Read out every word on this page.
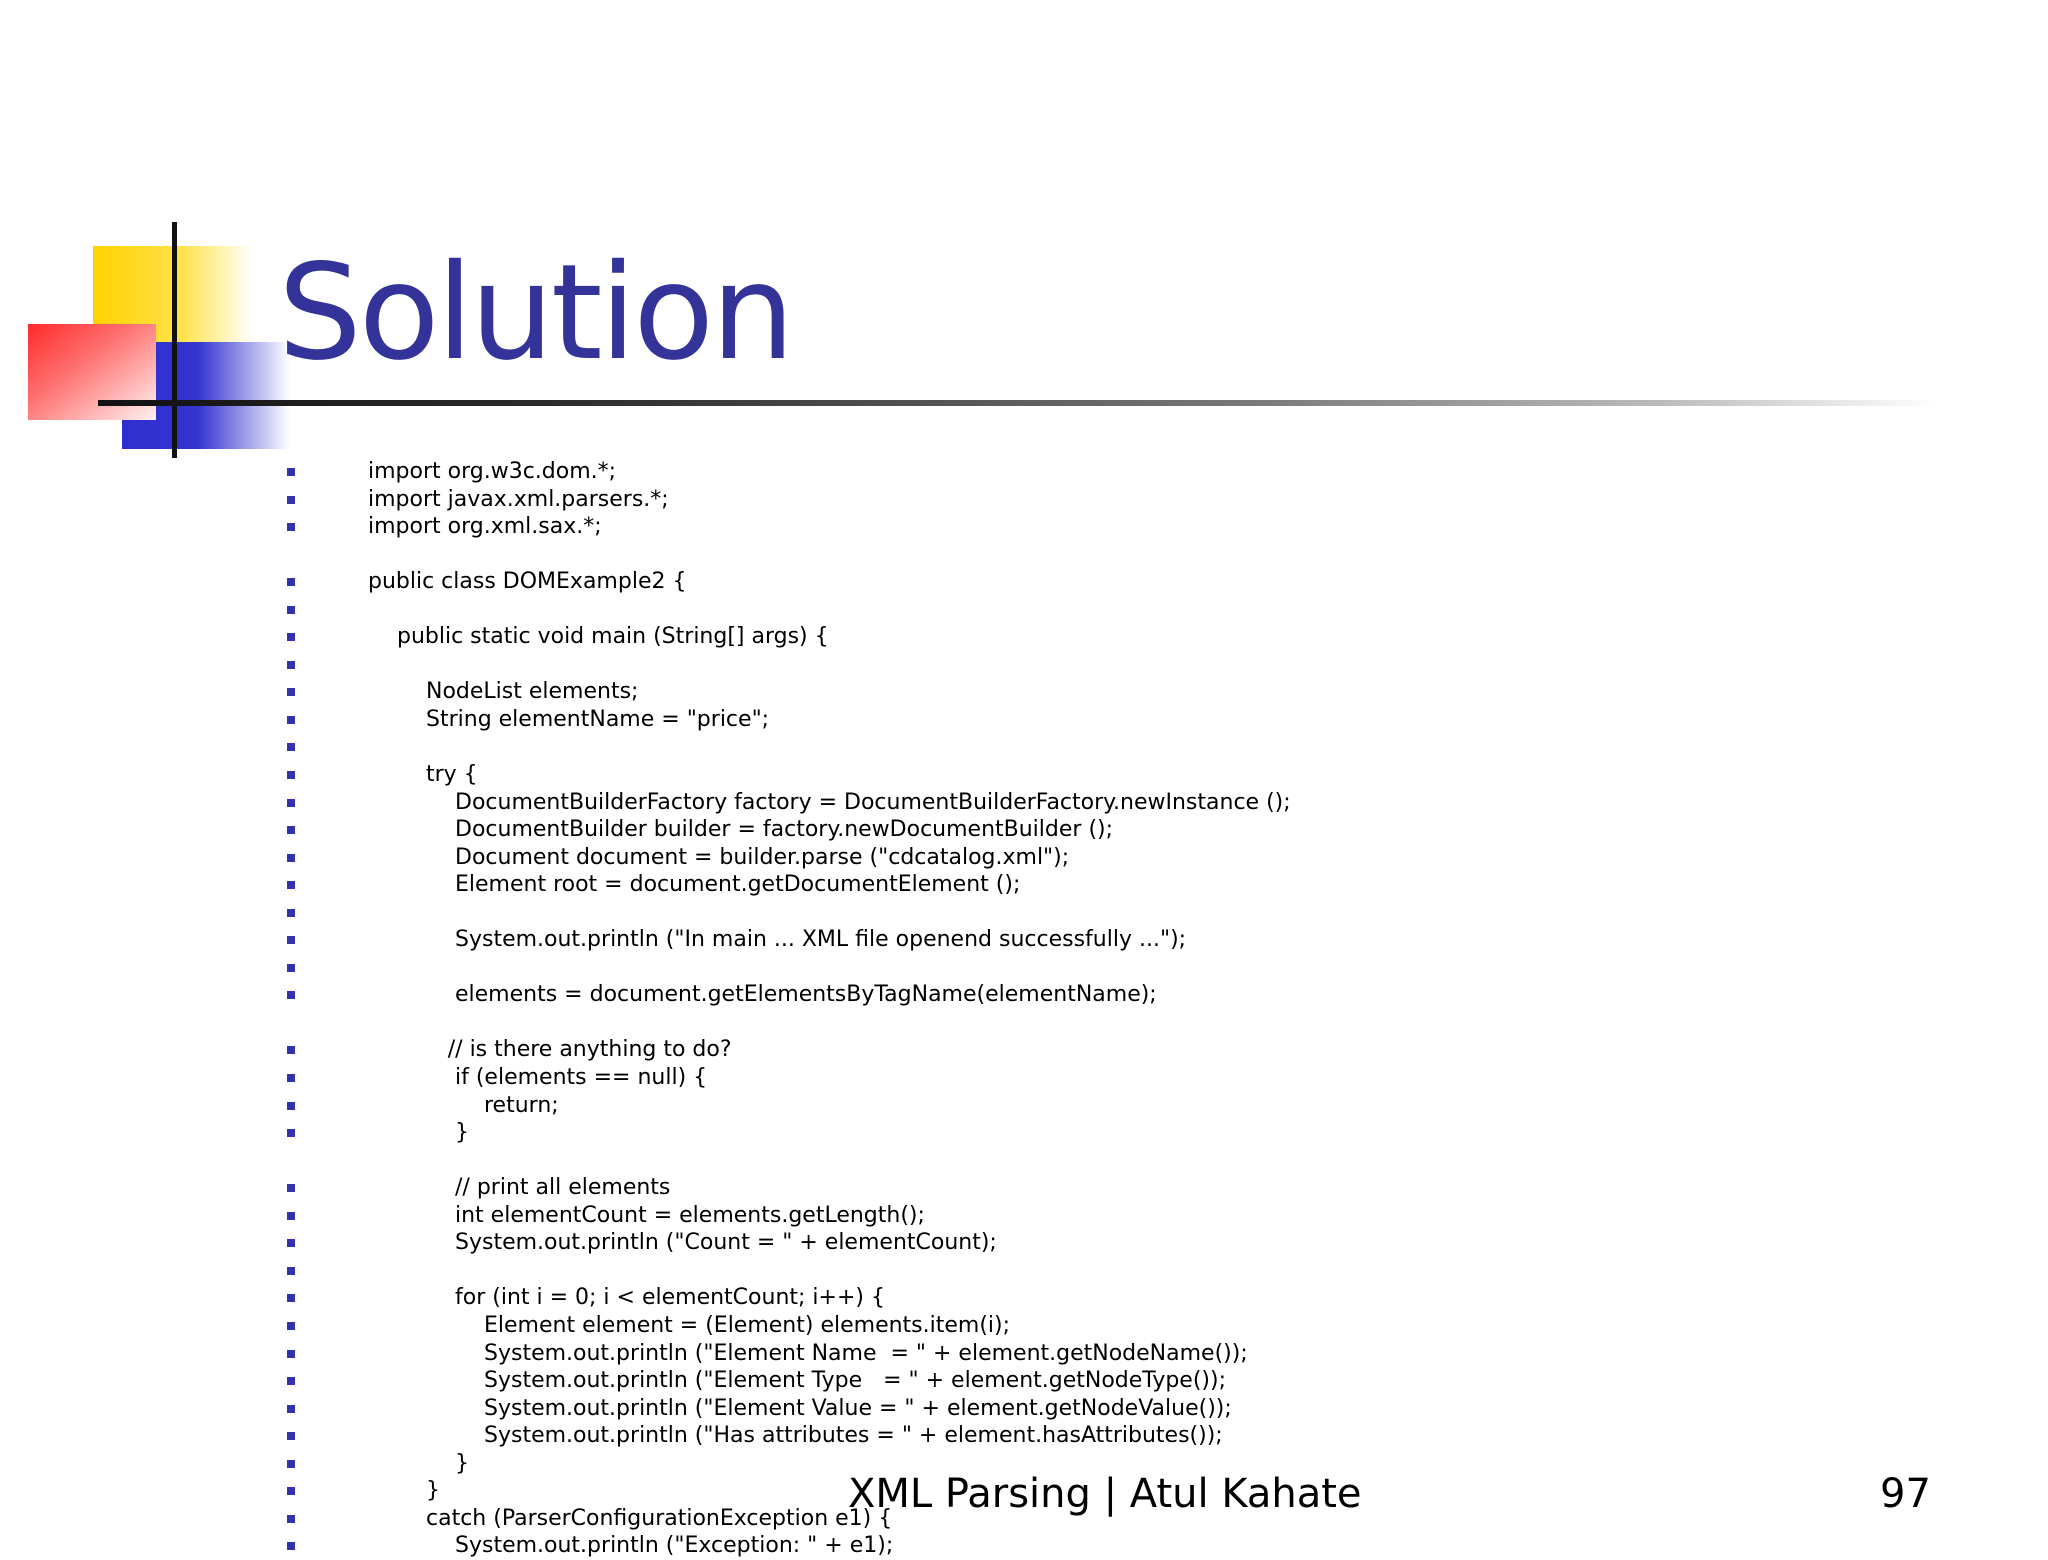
Solution
import org.w3c.dom.*;
import javax.xml.parsers.*;
import org.xml.sax.*;
public class DOMExample2 {
public static void main (String[] args) {
NodeList elements;
String elementName = "price";
try {
DocumentBuilderFactory factory = DocumentBuilderFactory.newInstance ();
DocumentBuilder builder = factory.newDocumentBuilder ();
Document document = builder.parse ("cdcatalog.xml");
Element root = document.getDocumentElement ();
System.out.println ("In main ... XML file openend successfully ...");
elements = document.getElementsByTagName(elementName);
// is there anything to do?
if (elements == null) {
return;
}
// print all elements
int elementCount = elements.getLength();
System.out.println ("Count = " + elementCount);
for (int i = 0; i < elementCount; i++) {
Element element = (Element) elements.item(i);
System.out.println ("Element Name  = " + element.getNodeName());
System.out.println ("Element Type   = " + element.getNodeType());
System.out.println ("Element Value = " + element.getNodeValue());
System.out.println ("Has attributes = " + element.hasAttributes());
}
}
catch (ParserConfigurationException e1) {
System.out.println ("Exception: " + e1);
XML Parsing | Atul Kahate	97
